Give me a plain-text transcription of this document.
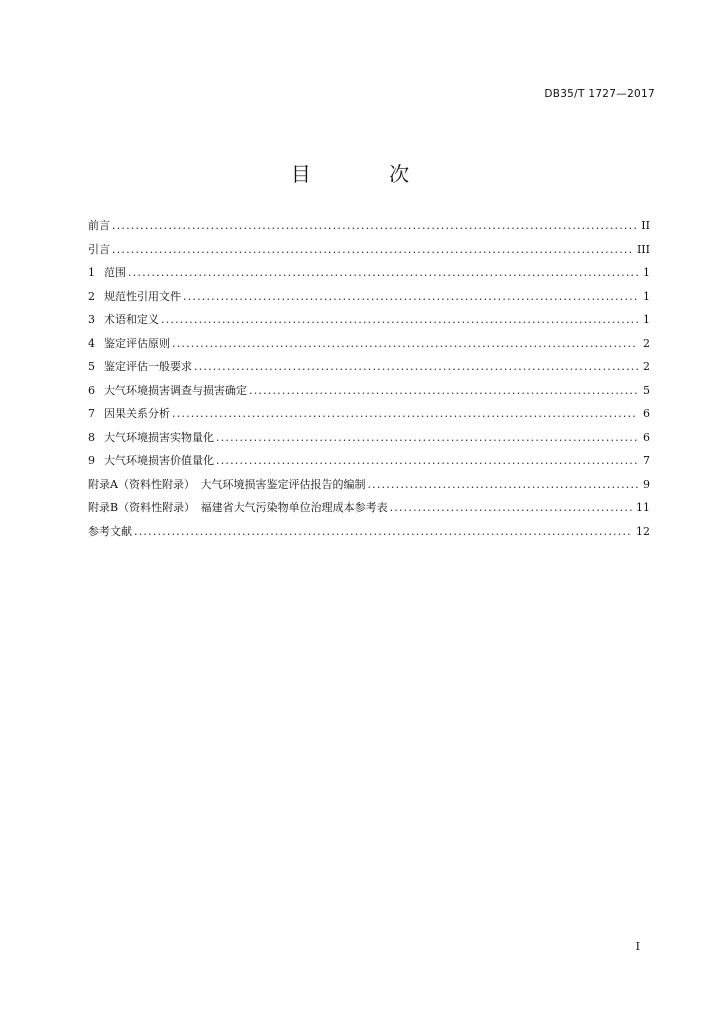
DB35/T 1727—2017
目 次
前言 .....	II
引言 .....	III
1 范围 .....	1
2 规范性引用文件 .....	1
3 术语和定义 .....	1
4 鉴定评估原则 .....	2
5 鉴定评估一般要求 .....	2
6 大气环境损害调查与损害确定 .....	5
7 因果关系分析 .....	6
8 大气环境损害实物量化 .....	6
9 大气环境损害价值量化 .....	7
附录A（资料性附录）　大气环境损害鉴定评估报告的编制 .....	9
附录B（资料性附录）　福建省大气污染物单位治理成本参考表 .....	11
参考文献 .....	12
I
